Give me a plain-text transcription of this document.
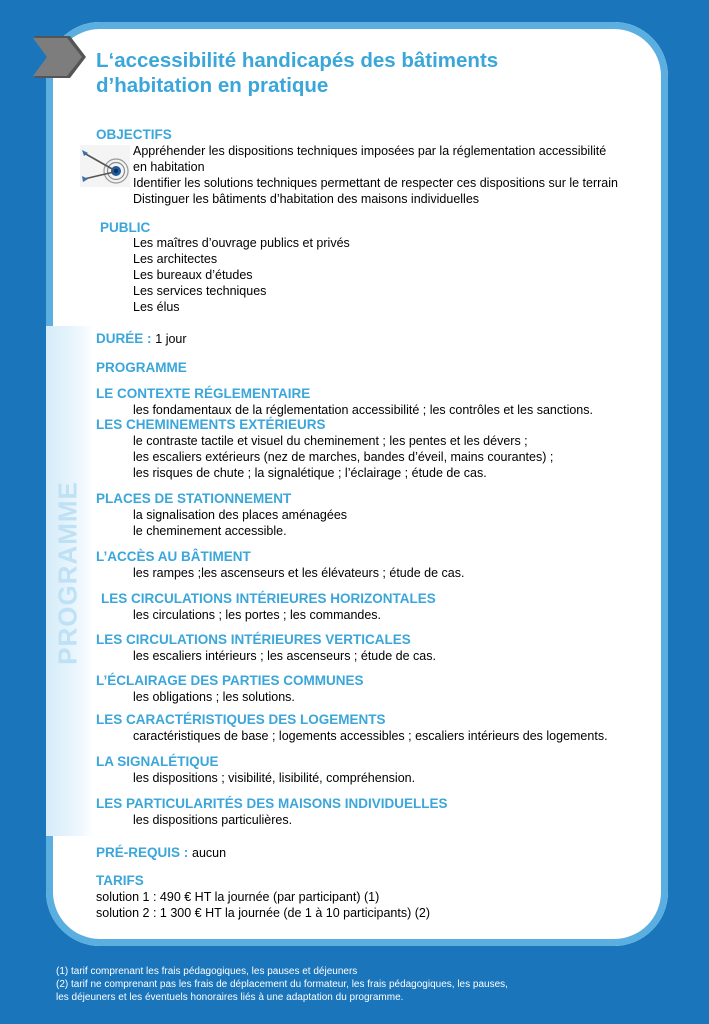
L‘accessibilité handicapés des bâtiments
d’habitation en pratique
PROGRAMME
OBJECTIFS
Appréhender les dispositions techniques imposées par la réglementation accessibilité
en habitation
Identifier les solutions techniques permettant de respecter ces dispositions sur le terrain
Distinguer les bâtiments d’habitation des maisons individuelles
PUBLIC
Les maîtres d’ouvrage publics et privés
Les architectes
Les bureaux d’études
Les services techniques
Les élus
DURÉE : 1 jour
PROGRAMME
LE CONTEXTE RÉGLEMENTAIRE
les fondamentaux de la réglementation accessibilité ; les contrôles et les sanctions.
LES CHEMINEMENTS EXTÉRIEURS
le contraste tactile et visuel du cheminement ; les pentes et les dévers ;
les escaliers extérieurs (nez de marches, bandes d’éveil, mains courantes) ;
les risques de chute ; la signalétique ; l’éclairage ; étude de cas.
PLACES DE STATIONNEMENT
la signalisation des places aménagées
le cheminement accessible.
L’ACCÈS AU BÂTIMENT
les rampes ;les ascenseurs et les élévateurs ; étude de cas.
LES CIRCULATIONS INTÉRIEURES HORIZONTALES
les circulations ; les portes ; les commandes.
LES CIRCULATIONS INTÉRIEURES VERTICALES
les escaliers intérieurs ; les ascenseurs ; étude de cas.
L’ÉCLAIRAGE DES PARTIES COMMUNES
les obligations ; les solutions.
LES CARACTÉRISTIQUES DES LOGEMENTS
caractéristiques de base ; logements accessibles ; escaliers intérieurs des logements.
LA SIGNALÉTIQUE
les dispositions ; visibilité, lisibilité, compréhension.
LES PARTICULARITÉS DES MAISONS INDIVIDUELLES
les dispositions particulières.
PRÉ-REQUIS : aucun
TARIFS
solution 1 : 490 € HT la journée (par participant) (1)
solution 2 : 1 300 € HT la journée (de 1 à 10 participants) (2)
(1) tarif comprenant les frais pédagogiques, les pauses et déjeuners
(2) tarif ne comprenant pas les frais de déplacement du formateur, les frais pédagogiques, les pauses,
les déjeuners et les éventuels honoraires liés à une adaptation du programme.
